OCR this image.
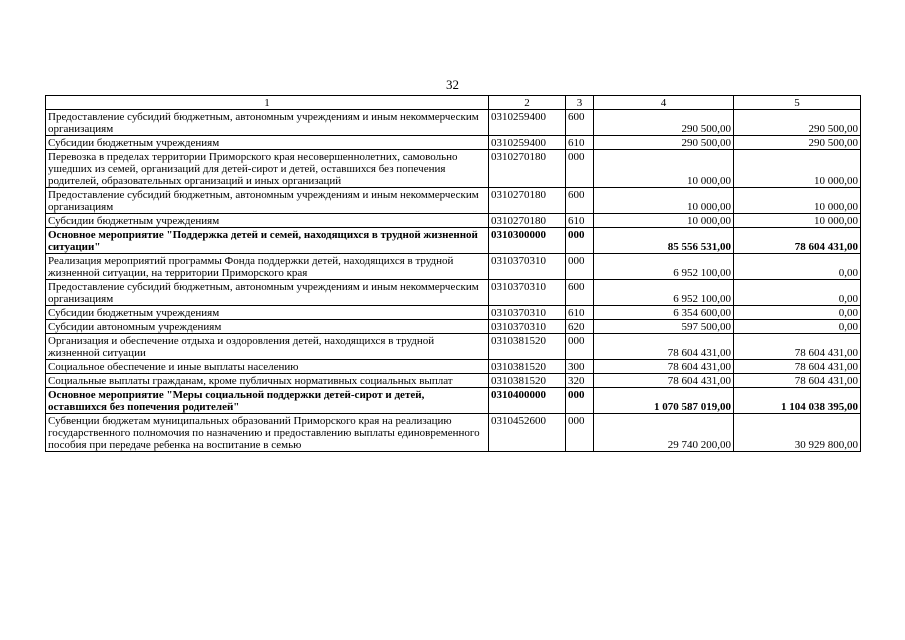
32
1	2	3	4	5
Предоставление субсидий бюджетным, автономным учреждениям и иным некоммерческим организациям	0310259400	600	290 500,00	290 500,00
Субсидии бюджетным учреждениям	0310259400	610	290 500,00	290 500,00
Перевозка в пределах территории Приморского края несовершеннолетних, самовольно ушедших из семей, организаций для детей-сирот и детей, оставшихся без попечения родителей, образовательных организаций и иных организаций	0310270180	000	10 000,00	10 000,00
Предоставление субсидий бюджетным, автономным учреждениям и иным некоммерческим организациям	0310270180	600	10 000,00	10 000,00
Субсидии бюджетным учреждениям	0310270180	610	10 000,00	10 000,00
Основное мероприятие "Поддержка детей и семей, находящихся в трудной жизненной ситуации"	0310300000	000	85 556 531,00	78 604 431,00
Реализация мероприятий программы Фонда поддержки детей, находящихся в трудной жизненной ситуации, на территории Приморского края	0310370310	000	6 952 100,00	0,00
Предоставление субсидий бюджетным, автономным учреждениям и иным некоммерческим организациям	0310370310	600	6 952 100,00	0,00
Субсидии бюджетным учреждениям	0310370310	610	6 354 600,00	0,00
Субсидии автономным учреждениям	0310370310	620	597 500,00	0,00
Организация и обеспечение отдыха и оздоровления детей, находящихся в трудной жизненной ситуации	0310381520	000	78 604 431,00	78 604 431,00
Социальное обеспечение и иные выплаты населению	0310381520	300	78 604 431,00	78 604 431,00
Социальные выплаты гражданам, кроме публичных нормативных социальных выплат	0310381520	320	78 604 431,00	78 604 431,00
Основное мероприятие "Меры социальной поддержки детей-сирот и детей, оставшихся без попечения родителей"	0310400000	000	1 070 587 019,00	1 104 038 395,00
Субвенции бюджетам муниципальных образований Приморского края на реализацию государственного полномочия по назначению и предоставлению выплаты единовременного пособия при передаче ребенка на воспитание в семью	0310452600	000	29 740 200,00	30 929 800,00
